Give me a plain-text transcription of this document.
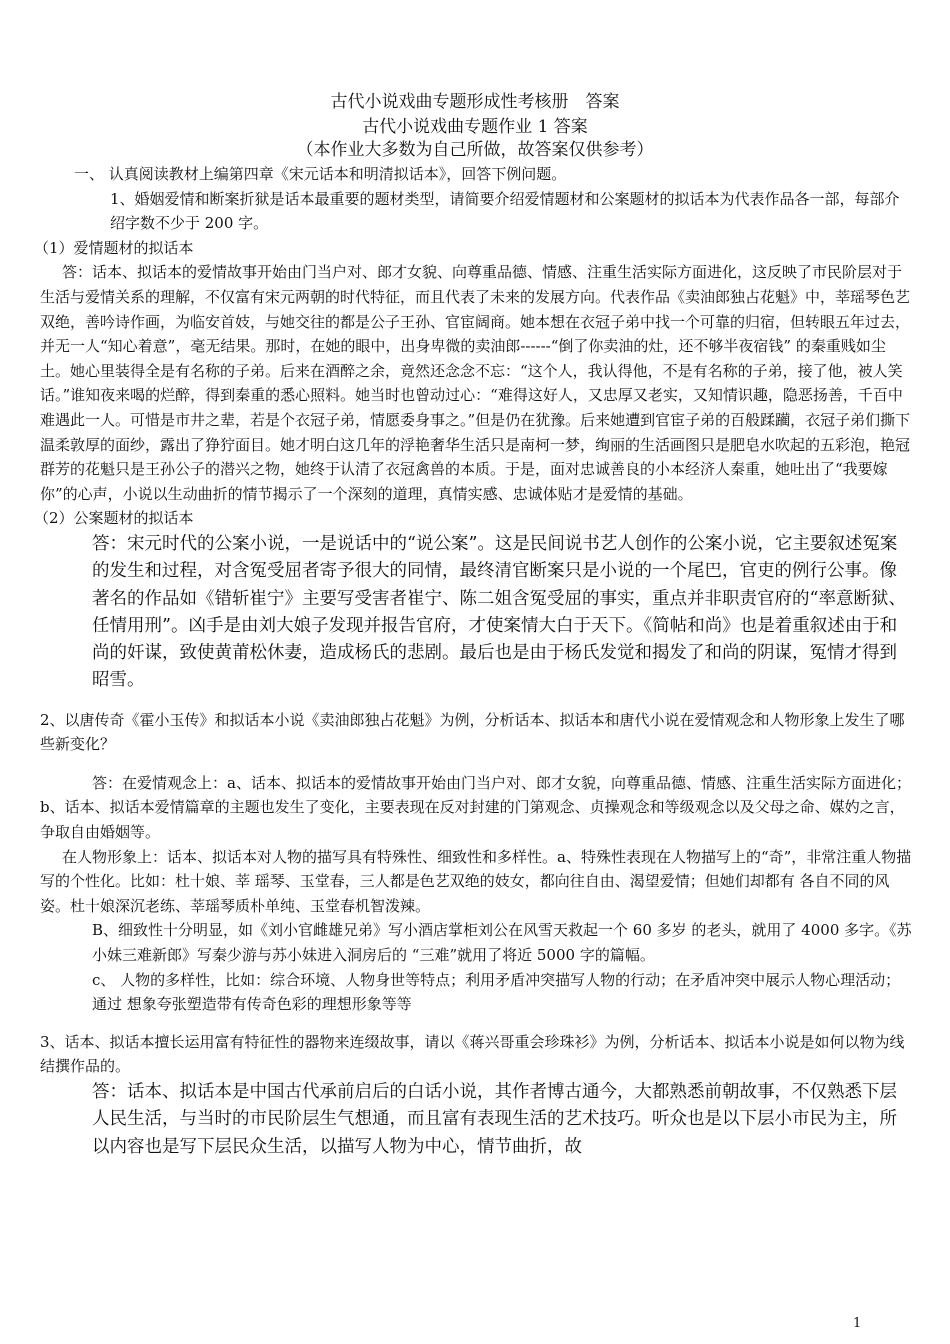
古代小说戏曲专题形成性考核册　答案
古代小说戏曲专题作业 1 答案
（本作业大多数为自己所做，故答案仅供参考）

一、 认真阅读教材上编第四章《宋元话本和明清拟话本》，回答下例问题。

1、婚姻爱情和断案折狱是话本最重要的题材类型，请简要介绍爱情题材和公案题材的拟话本为代表作品各一部，每部介绍字数不少于 200 字。

（1）爱情题材的拟话本

答：话本、拟话本的爱情故事开始由门当户对、郎才女貌、向尊重品德、情感、注重生活实际方面进化，这反映了市民阶层对于生活与爱情关系的理解，不仅富有宋元两朝的时代特征，而且代表了未来的发展方向。代表作品《卖油郎独占花魁》中，莘瑶琴色艺双绝，善吟诗作画，为临安首妓，与她交往的都是公子王孙、官宦阔商。她本想在衣冠子弟中找一个可靠的归宿，但转眼五年过去，并无一人“知心着意”，毫无结果。那时，在她的眼中，出身卑微的卖油郎------“倒了你卖油的灶，还不够半夜宿钱” 的秦重贱如尘土。她心里装得全是有名称的子弟。后来在酒醉之余，竟然还念念不忘：“这个人，我认得他，不是有名称的子弟，接了他，被人笑话。”谁知夜来喝的烂醉，得到秦重的悉心照料。她当时也曾动过心：“难得这好人，又忠厚又老实，又知情识趣，隐恶扬善，千百中难遇此一人。可惜是市井之辈，若是个衣冠子弟，情愿委身事之。”但是仍在犹豫。后来她遭到官宦子弟的百般蹂躏，衣冠子弟们撕下温柔敦厚的面纱，露出了狰狞面目。她才明白这几年的浮艳奢华生活只是南柯一梦，绚丽的生活画图只是肥皂水吹起的五彩泡，艳冠群芳的花魁只是王孙公子的潜兴之物，她终于认清了衣冠禽兽的本质。于是，面对忠诚善良的小本经济人秦重，她吐出了“我要嫁你”的心声，小说以生动曲折的情节揭示了一个深刻的道理，真情实感、忠诚体贴才是爱情的基础。

（2）公案题材的拟话本

答：宋元时代的公案小说，一是说话中的“说公案”。这是民间说书艺人创作的公案小说，它主要叙述冤案的发生和过程，对含冤受屈者寄予很大的同情，最终清官断案只是小说的一个尾巴，官吏的例行公事。像著名的作品如《错斩崔宁》主要写受害者崔宁、陈二姐含冤受屈的事实，重点并非职责官府的“率意断狱、任情用刑”。凶手是由刘大娘子发现并报告官府，才使案情大白于天下。《简帖和尚》也是着重叙述由于和尚的奸谋，致使黄莆松休妻，造成杨氏的悲剧。最后也是由于杨氏发觉和揭发了和尚的阴谋，冤情才得到昭雪。

2、以唐传奇《霍小玉传》和拟话本小说《卖油郎独占花魁》为例，分析话本、拟话本和唐代小说在爱情观念和人物形象上发生了哪些新变化？

答：在爱情观念上：a、话本、拟话本的爱情故事开始由门当户对、郎才女貌，向尊重品德、情感、注重生活实际方面进化；

b、话本、拟话本爱情篇章的主题也发生了变化，主要表现在反对封建的门第观念、贞操观念和等级观念以及父母之命、媒妁之言，争取自由婚姻等。

在人物形象上：话本、拟话本对人物的描写具有特殊性、细致性和多样性。a、特殊性表现在人物描写上的“奇”，非常注重人物描写的个性化。比如：杜十娘、莘 瑶琴、玉堂春，三人都是色艺双绝的妓女，都向往自由、渴望爱情；但她们却都有 各自不同的风姿。杜十娘深沉老练、莘瑶琴质朴单纯、玉堂春机智泼辣。

B、细致性十分明显，如《刘小官雌雄兄弟》写小酒店掌柜刘公在风雪天救起一个 60 多岁 的老头，就用了 4000 多字。《苏小妹三难新郎》写秦少游与苏小妹进入洞房后的 “三难”就用了将近 5000 字的篇幅。

c、 人物的多样性，比如：综合环境、人物身世等特点；利用矛盾冲突描写人物的行动；在矛盾冲突中展示人物心理活动；通过 想象夸张塑造带有传奇色彩的理想形象等等

3、话本、拟话本擅长运用富有特征性的器物来连缀故事，请以《蒋兴哥重会珍珠衫》为例，分析话本、拟话本小说是如何以物为线结撰作品的。

答：话本、拟话本是中国古代承前启后的白话小说，其作者博古通今，大都熟悉前朝故事，不仅熟悉下层人民生活，与当时的市民阶层生气想通，而且富有表现生活的艺术技巧。听众也是以下层小市民为主，所以内容也是写下层民众生活，以描写人物为中心，情节曲折，故

1
